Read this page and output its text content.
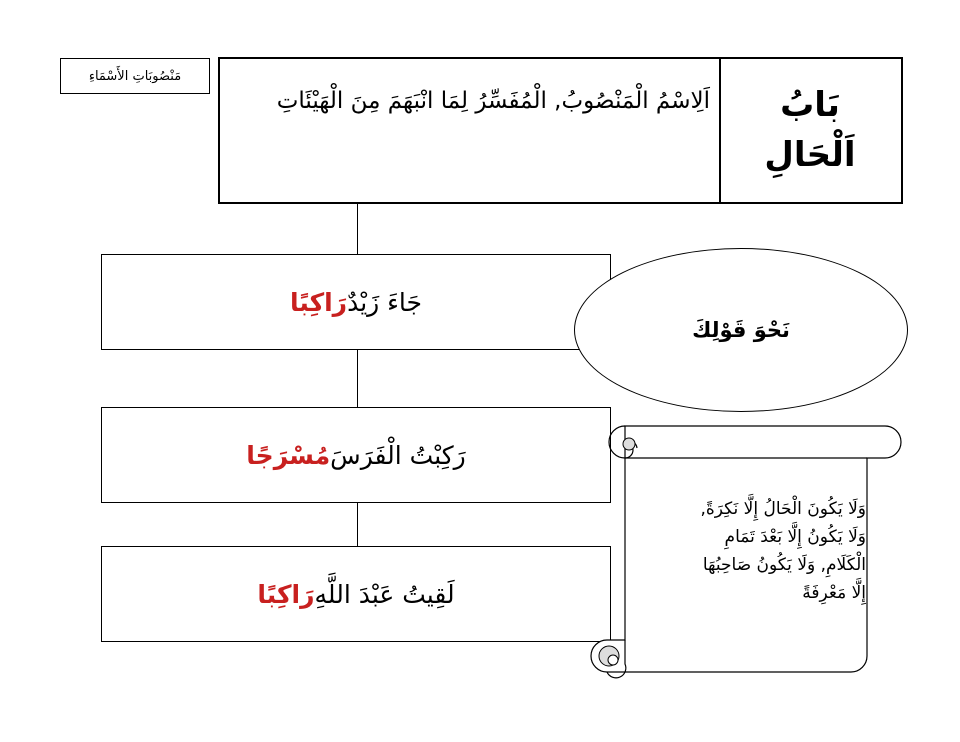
مَنْصُوبَاتِ الأَسْمَاءِ
اَلِاسْمُ الْمَنْصُوبُ, الْمُفَسِّرُ لِمَا انْبَهَمَ مِنَ الْهَيْئَاتِ	بَابُ
اَلْحَالِ
جَاءَ زَيْدٌ
رَاكِبًا
رَكِبْتُ الْفَرَسَ
مُسْرَجًا
لَقِيتُ عَبْدَ اللَّهِ
رَاكِبًا
نَحْوَ قَوْلِكَ
وَلَا يَكُونَ الْحَالُ إِلَّا نَكِرَةً,
وَلَا يَكُونُ إِلَّا بَعْدَ تَمَامِ
الْكَلَامِ, وَلَا يَكُونُ صَاحِبُهَا
إِلَّا مَعْرِفَةً
